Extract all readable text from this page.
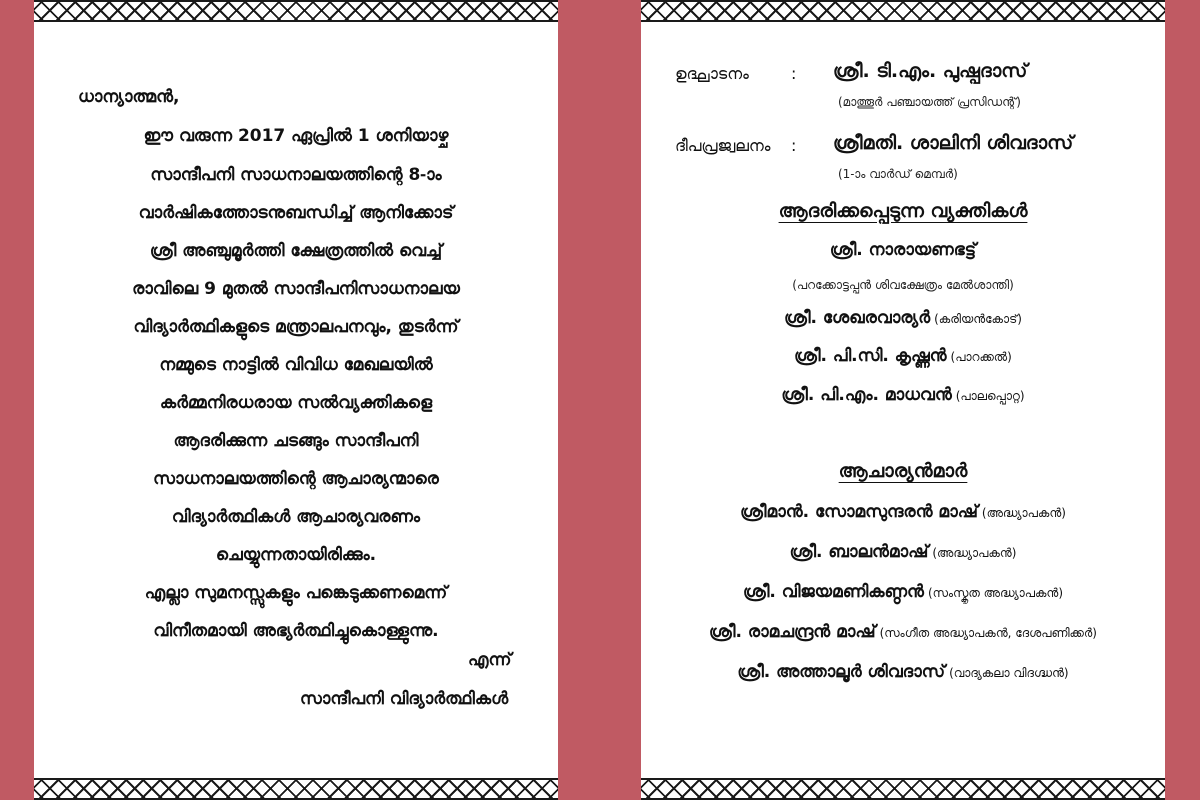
ധാന്യാത്മൻ,
ഈ വരുന്ന 2017 ഏപ്രിൽ 1 ശനിയാഴ്ച
സാന്ദീപനി സാധനാലയത്തിന്റെ 8-ാം
വാർഷികത്തോടനുബന്ധിച്ച് ആനിക്കോട്
ശ്രീ അഞ്ചുമൂർത്തി ക്ഷേത്രത്തിൽ വെച്ച്
രാവിലെ 9 മുതൽ സാന്ദീപനിസാധനാലയ
വിദ്യാർത്ഥികളുടെ മന്ത്രാലപനവും, തുടർന്ന്
നമ്മുടെ നാട്ടിൽ വിവിധ മേഖലയിൽ
കർമ്മനിരധരായ സൽവ്യക്തികളെ
ആദരിക്കുന്ന ചടങ്ങും സാന്ദീപനി
സാധനാലയത്തിന്റെ ആചാര്യന്മാരെ
വിദ്യാർത്ഥികൾ ആചാര്യവരണം
ചെയ്യുന്നതായിരിക്കും.
എല്ലാ സുമനസ്സുകളും പങ്കെടുക്കണമെന്ന്
വിനീതമായി അഭ്യർത്ഥിച്ചുകൊള്ളുന്നു.
എന്ന്
സാന്ദീപനി വിദ്യാർത്ഥികൾ
ഉദ്ഘാടനം	: ശ്രീ. ടി.എം. പുഷ്പദാസ്
(മാത്തൂർ പഞ്ചായത്ത് പ്രസിഡന്റ്)
ദീപപ്രജ്വലനം : ശ്രീമതി. ശാലിനി ശിവദാസ്
(1-ാം വാർഡ് മെമ്പർ)
ആദരിക്കപ്പെടുന്ന വ്യക്തികൾ
ശ്രീ. നാരായണഭട്ട്
(പറക്കോട്ടപ്പൻ ശിവക്ഷേത്രം മേൽശാന്തി)
ശ്രീ. ശേഖരവാര്യർ (കരിയൻകോട്)
ശ്രീ. പി.സി. കൃഷ്ണൻ (പാറക്കൽ)
ശ്രീ. പി.എം. മാധവൻ (പാലപ്പൊറ്റ)
ആചാര്യൻമാർ
ശ്രീമാൻ. സോമസുന്ദരൻ മാഷ് (അദ്ധ്യാപകൻ)
ശ്രീ. ബാലൻമാഷ് (അദ്ധ്യാപകൻ)
ശ്രീ. വിജയമണികണ്ഠൻ (സംസ്കൃത അദ്ധ്യാപകൻ)
ശ്രീ. രാമചന്ദ്രൻ മാഷ് (സംഗീത അദ്ധ്യാപകൻ, ദേശപണിക്കർ)
ശ്രീ. അത്താലൂർ ശിവദാസ് (വാദ്യകലാ വിദഗ്ദ്ധൻ)
